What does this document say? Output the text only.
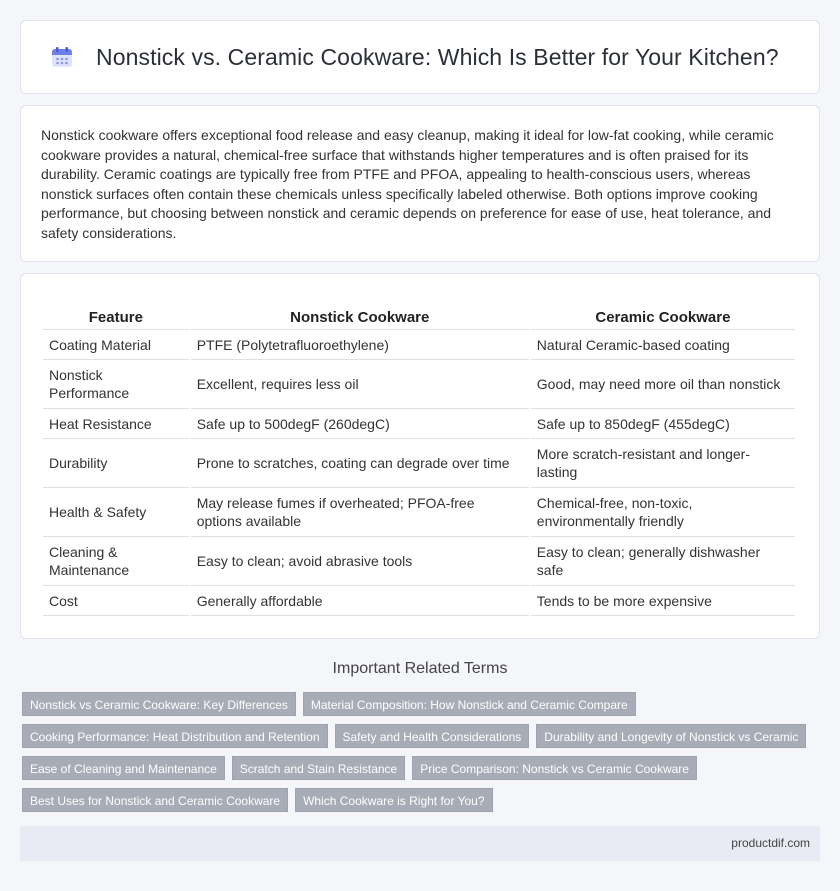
Nonstick vs. Ceramic Cookware: Which Is Better for Your Kitchen?

Nonstick cookware offers exceptional food release and easy cleanup, making it ideal for low-fat cooking, while ceramic cookware provides a natural, chemical-free surface that withstands higher temperatures and is often praised for its durability. Ceramic coatings are typically free from PTFE and PFOA, appealing to health-conscious users, whereas nonstick surfaces often contain these chemicals unless specifically labeled otherwise. Both options improve cooking performance, but choosing between nonstick and ceramic depends on preference for ease of use, heat tolerance, and safety considerations.

Feature	Nonstick Cookware	Ceramic Cookware
Coating Material	PTFE (Polytetrafluoroethylene)	Natural Ceramic-based coating
Nonstick Performance	Excellent, requires less oil	Good, may need more oil than nonstick
Heat Resistance	Safe up to 500degF (260degC)	Safe up to 850degF (455degC)
Durability	Prone to scratches, coating can degrade over time	More scratch-resistant and longer-lasting
Health & Safety	May release fumes if overheated; PFOA-free options available	Chemical-free, non-toxic, environmentally friendly
Cleaning & Maintenance	Easy to clean; avoid abrasive tools	Easy to clean; generally dishwasher safe
Cost	Generally affordable	Tends to be more expensive
Important Related Terms
Nonstick vs Ceramic Cookware: Key Differences	Material Composition: How Nonstick and Ceramic Compare
Cooking Performance: Heat Distribution and Retention	Safety and Health Considerations	Durability and Longevity of Nonstick vs Ceramic
Ease of Cleaning and Maintenance	Scratch and Stain Resistance	Price Comparison: Nonstick vs Ceramic Cookware
Best Uses for Nonstick and Ceramic Cookware	Which Cookware is Right for You?
productdif.com
